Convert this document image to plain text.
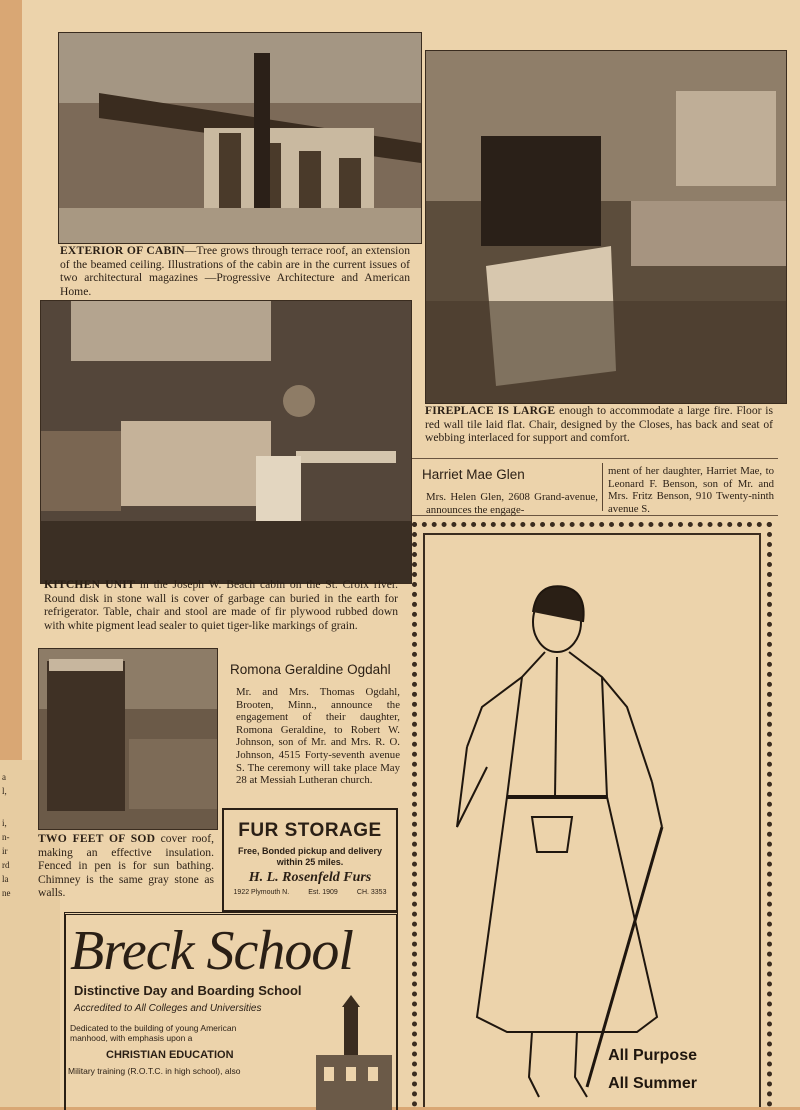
a
l,
i,
n-
ir
rd
la
ne

EXTERIOR OF CABIN—Tree grows through terrace roof, an extension of the beamed ceiling. Illustrations of the cabin are in the current issues of two architectural magazines —Progressive Architecture and American Home.

FIREPLACE IS LARGE enough to accommodate a large fire. Floor is red wall tile laid flat. Chair, designed by the Closes, has back and seat of webbing interlaced for support and comfort.

Harriet Mae Glen

Mrs. Helen Glen, 2608 Grand-avenue, announces the engage-

ment of her daughter, Harriet Mae, to Leonard F. Benson, son of Mr. and Mrs. Fritz Benson, 910 Twenty-ninth avenue S.

KITCHEN UNIT in the Joseph W. Beach cabin on the St. Croix river. Round disk in stone wall is cover of garbage can buried in the earth for refrigerator. Table, chair and stool are made of fir plywood rubbed down with white pigment lead sealer to quiet tiger-like markings of grain.

TWO FEET OF SOD cover roof, making an effective insulation. Fenced in pen is for sun bathing. Chimney is the same gray stone as walls.

Romona Geraldine Ogdahl

Mr. and Mrs. Thomas Ogdahl, Brooten, Minn., announce the engagement of their daughter, Romona Geraldine, to Robert W. Johnson, son of Mr. and Mrs. R. O. Johnson, 4515 Forty-seventh avenue S. The ceremony will take place May 28 at Messiah Lutheran church.

FUR STORAGE
Free, Bonded pickup and delivery
within 25 miles.
H. L. Rosenfeld Furs
1922 Plymouth N.	Est. 1909	CH. 3353
Breck School
Distinctive Day and Boarding School
Accredited to All Colleges and Universities
Dedicated to the building of young American
manhood, with emphasis upon a
CHRISTIAN EDUCATION
Military training (R.O.T.C. in high school), also
All Purpose
All Summer
